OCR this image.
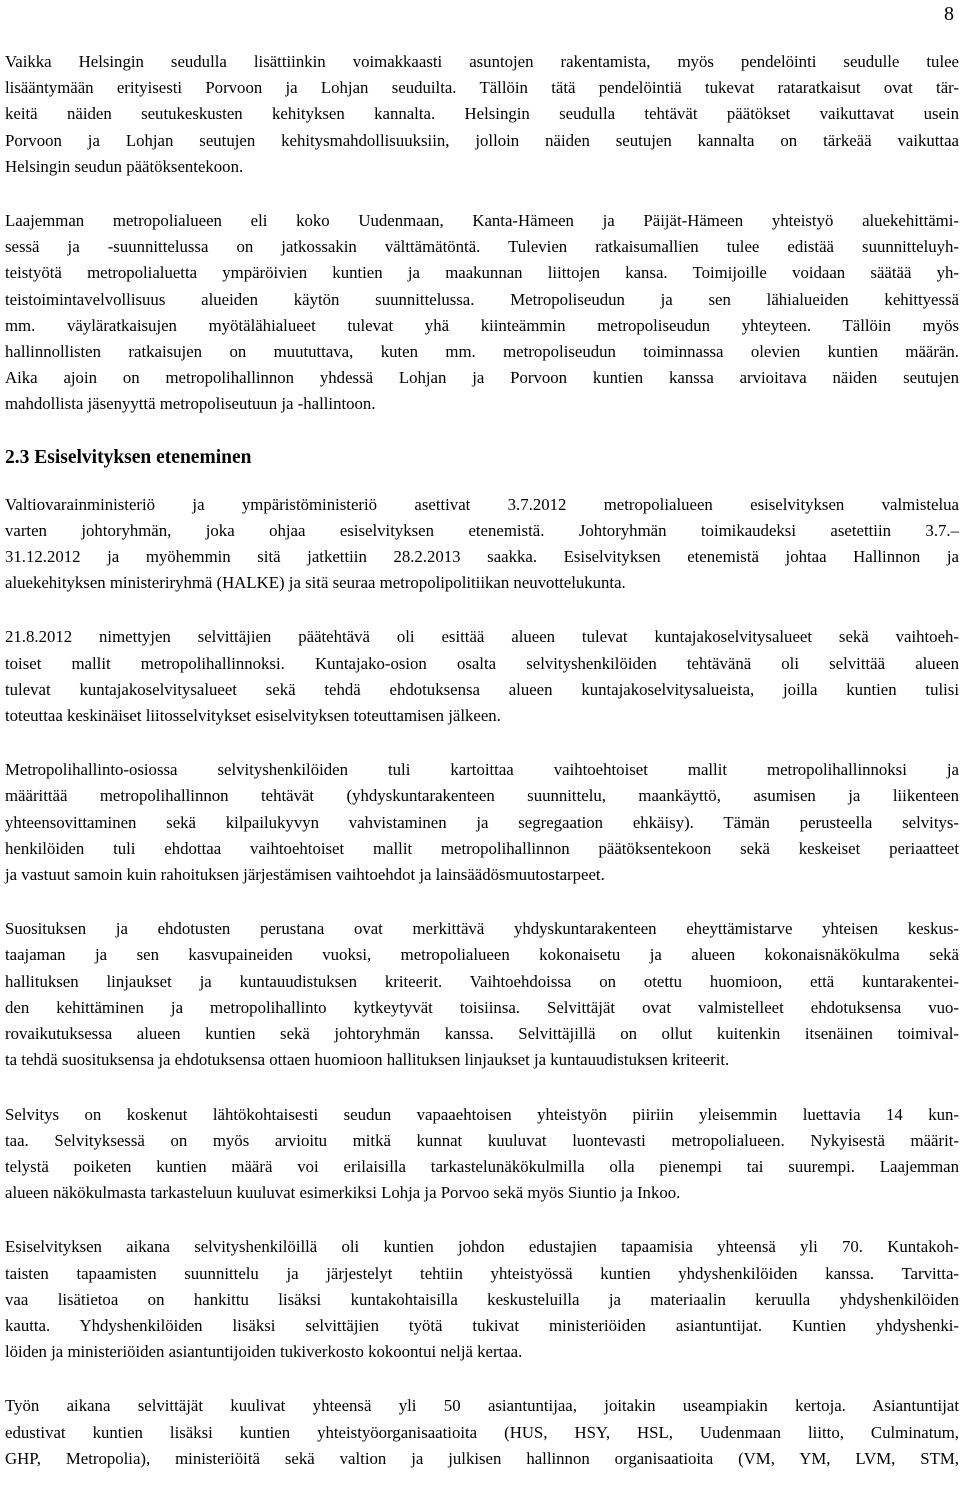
8
Vaikka Helsingin seudulla lisättiinkin voimakkaasti asuntojen rakentamista, myös pendelöinti seudulle tulee
lisääntymään erityisesti Porvoon ja Lohjan seuduilta. Tällöin tätä pendelöintiä tukevat rataratkaisut ovat tär-
keitä näiden seutukeskusten kehityksen kannalta. Helsingin seudulla tehtävät päätökset vaikuttavat usein
Porvoon ja Lohjan seutujen kehitysmahdollisuuksiin, jolloin näiden seutujen kannalta on tärkeää vaikuttaa
Helsingin seudun päätöksentekoon.
Laajemman metropolialueen eli koko Uudenmaan, Kanta-Hämeen ja Päijät-Hämeen yhteistyö aluekehittämi-
sessä ja -suunnittelussa on jatkossakin välttämätöntä. Tulevien ratkaisumallien tulee edistää suunnitteluyh-
teistyötä metropolialuetta ympäröivien kuntien ja maakunnan liittojen kansa. Toimijoille voidaan säätää yh-
teistoimintavelvollisuus alueiden käytön suunnittelussa. Metropoliseudun ja sen lähialueiden kehittyessä
mm. väyläratkaisujen myötälähialueet tulevat yhä kiinteämmin metropoliseudun yhteyteen. Tällöin myös
hallinnollisten ratkaisujen on muututtava, kuten mm. metropoliseudun toiminnassa olevien kuntien määrän.
Aika ajoin on metropolihallinnon yhdessä Lohjan ja Porvoon kuntien kanssa arvioitava näiden seutujen
mahdollista jäsenyyttä metropoliseutuun ja -hallintoon.
2.3 Esiselvityksen eteneminen
Valtiovarainministeriö ja ympäristöministeriö asettivat 3.7.2012 metropolialueen esiselvityksen valmistelua
varten johtoryhmän, joka ohjaa esiselvityksen etenemistä. Johtoryhmän toimikaudeksi asetettiin 3.7.–
31.12.2012 ja myöhemmin sitä jatkettiin 28.2.2013 saakka. Esiselvityksen etenemistä johtaa Hallinnon ja
aluekehityksen ministeriryhmä (HALKE) ja sitä seuraa metropolipolitiikan neuvottelukunta.
21.8.2012 nimettyjen selvittäjien päätehtävä oli esittää alueen tulevat kuntajakoselvitysalueet sekä vaihtoeh-
toiset mallit metropolihallinnoksi. Kuntajako-osion osalta selvityshenkilöiden tehtävänä oli selvittää alueen
tulevat kuntajakoselvitysalueet sekä tehdä ehdotuksensa alueen kuntajakoselvitysalueista, joilla kuntien tulisi
toteuttaa keskinäiset liitosselvitykset esiselvityksen toteuttamisen jälkeen.
Metropolihallinto-osiossa selvityshenkilöiden tuli kartoittaa vaihtoehtoiset mallit metropolihallinnoksi ja
määrittää metropolihallinnon tehtävät (yhdyskuntarakenteen suunnittelu, maankäyttö, asumisen ja liikenteen
yhteensovittaminen sekä kilpailukyvyn vahvistaminen ja segregaation ehkäisy). Tämän perusteella selvitys-
henkilöiden tuli ehdottaa vaihtoehtoiset mallit metropolihallinnon päätöksentekoon sekä keskeiset periaatteet
ja vastuut samoin kuin rahoituksen järjestämisen vaihtoehdot ja lainsäädösmuutostarpeet.
Suosituksen ja ehdotusten perustana ovat merkittävä yhdyskuntarakenteen eheyttämistarve yhteisen keskus-
taajaman ja sen kasvupaineiden vuoksi, metropolialueen kokonaisetu ja alueen kokonaisnäkökulma sekä
hallituksen linjaukset ja kuntauudistuksen kriteerit. Vaihtoehdoissa on otettu huomioon, että kuntarakentei-
den kehittäminen ja metropolihallinto kytkeytyvät toisiinsa. Selvittäjät ovat valmistelleet ehdotuksensa vuo-
rovaikutuksessa alueen kuntien sekä johtoryhmän kanssa. Selvittäjillä on ollut kuitenkin itsenäinen toimival-
ta tehdä suosituksensa ja ehdotuksensa ottaen huomioon hallituksen linjaukset ja kuntauudistuksen kriteerit.
Selvitys on koskenut lähtökohtaisesti seudun vapaaehtoisen yhteistyön piiriin yleisemmin luettavia 14 kun-
taa. Selvityksessä on myös arvioitu mitkä kunnat kuuluvat luontevasti metropolialueen. Nykyisestä määrit-
telystä poiketen kuntien määrä voi erilaisilla tarkastelunäkökulmilla olla pienempi tai suurempi. Laajemman
alueen näkökulmasta tarkasteluun kuuluvat esimerkiksi Lohja ja Porvoo sekä myös Siuntio ja Inkoo.
Esiselvityksen aikana selvityshenkilöillä oli kuntien johdon edustajien tapaamisia yhteensä yli 70. Kuntakoh-
taisten tapaamisten suunnittelu ja järjestelyt tehtiin yhteistyössä kuntien yhdyshenkilöiden kanssa. Tarvitta-
vaa lisätietoa on hankittu lisäksi kuntakohtaisilla keskusteluilla ja materiaalin keruulla yhdyshenkilöiden
kautta. Yhdyshenkilöiden lisäksi selvittäjien työtä tukivat ministeriöiden asiantuntijat. Kuntien yhdyshenki-
löiden ja ministeriöiden asiantuntijoiden tukiverkosto kokoontui neljä kertaa.
Työn aikana selvittäjät kuulivat yhteensä yli 50 asiantuntijaa, joitakin useampiakin kertoja. Asiantuntijat
edustivat kuntien lisäksi kuntien yhteistyöorganisaatioita (HUS, HSY, HSL, Uudenmaan liitto, Culminatum,
GHP, Metropolia), ministeriöitä sekä valtion ja julkisen hallinnon organisaatioita (VM, YM, LVM, STM,
